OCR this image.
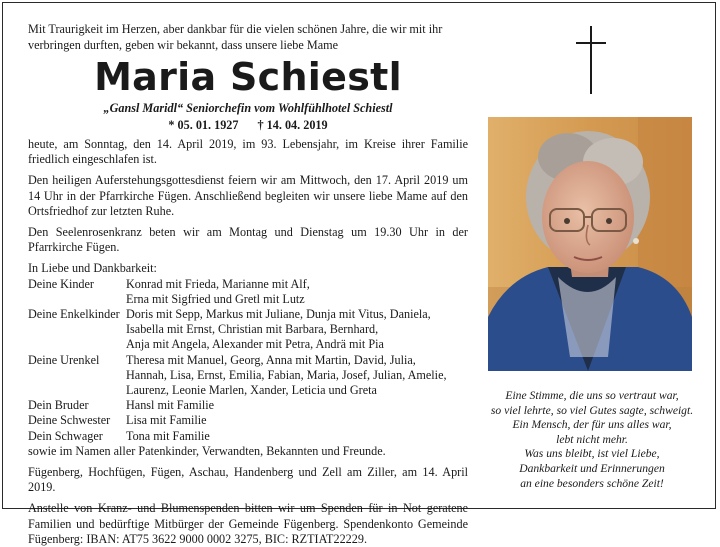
Mit Traurigkeit im Herzen, aber dankbar für die vielen schönen Jahre, die wir mit ihr verbringen durften, geben wir bekannt, dass unsere liebe Mame
Maria Schiestl
„Gansl Maridl“ Seniorchefin vom Wohlfühlhotel Schiestl
* 05. 01. 1927 † 14. 04. 2019

heute, am Sonntag, den 14. April 2019, im 93. Lebensjahr, im Kreise ihrer Familie friedlich eingeschlafen ist.

Den heiligen Auferstehungsgottesdienst feiern wir am Mittwoch, den 17. April 2019 um 14 Uhr in der Pfarrkirche Fügen. Anschließend begleiten wir unsere liebe Mame auf den Ortsfriedhof zur letzten Ruhe.

Den Seelenrosenkranz beten wir am Montag und Dienstag um 19.30 Uhr in der Pfarrkirche Fügen.

In Liebe und Dankbarkeit:
Deine Kinder	Konrad mit Frieda, Marianne mit Alf,
Erna mit Sigfried und Gretl mit Lutz
Deine Enkelkinder Doris mit Sepp, Markus mit Juliane, Dunja mit Vitus, Daniela,
Isabella mit Ernst, Christian mit Barbara, Bernhard,
Anja mit Angela, Alexander mit Petra, Andrä mit Pia
Deine Urenkel	Theresa mit Manuel, Georg, Anna mit Martin, David, Julia,
Hannah, Lisa, Ernst, Emilia, Fabian, Maria, Josef, Julian, Amelie,
Laurenz, Leonie Marlen, Xander, Leticia und Greta
Dein Bruder	Hansl mit Familie
Deine Schwester	Lisa mit Familie
Dein Schwager	Tona mit Familie

sowie im Namen aller Patenkinder, Verwandten, Bekannten und Freunde.

Fügenberg, Hochfügen, Fügen, Aschau, Handenberg und Zell am Ziller, am 14. April 2019.

Anstelle von Kranz- und Blumenspenden bitten wir um Spenden für in Not geratene Familien und bedürftige Mitbürger der Gemeinde Fügenberg. Spendenkonto Gemeinde Fügenberg: IBAN: AT75 3622 9000 0002 3275, BIC: RZTIAT22229.

Eine Stimme, die uns so vertraut war,
so viel lehrte, so viel Gutes sagte, schweigt.
Ein Mensch, der für uns alles war,
lebt nicht mehr.
Was uns bleibt, ist viel Liebe,
Dankbarkeit und Erinnerungen
an eine besonders schöne Zeit!
